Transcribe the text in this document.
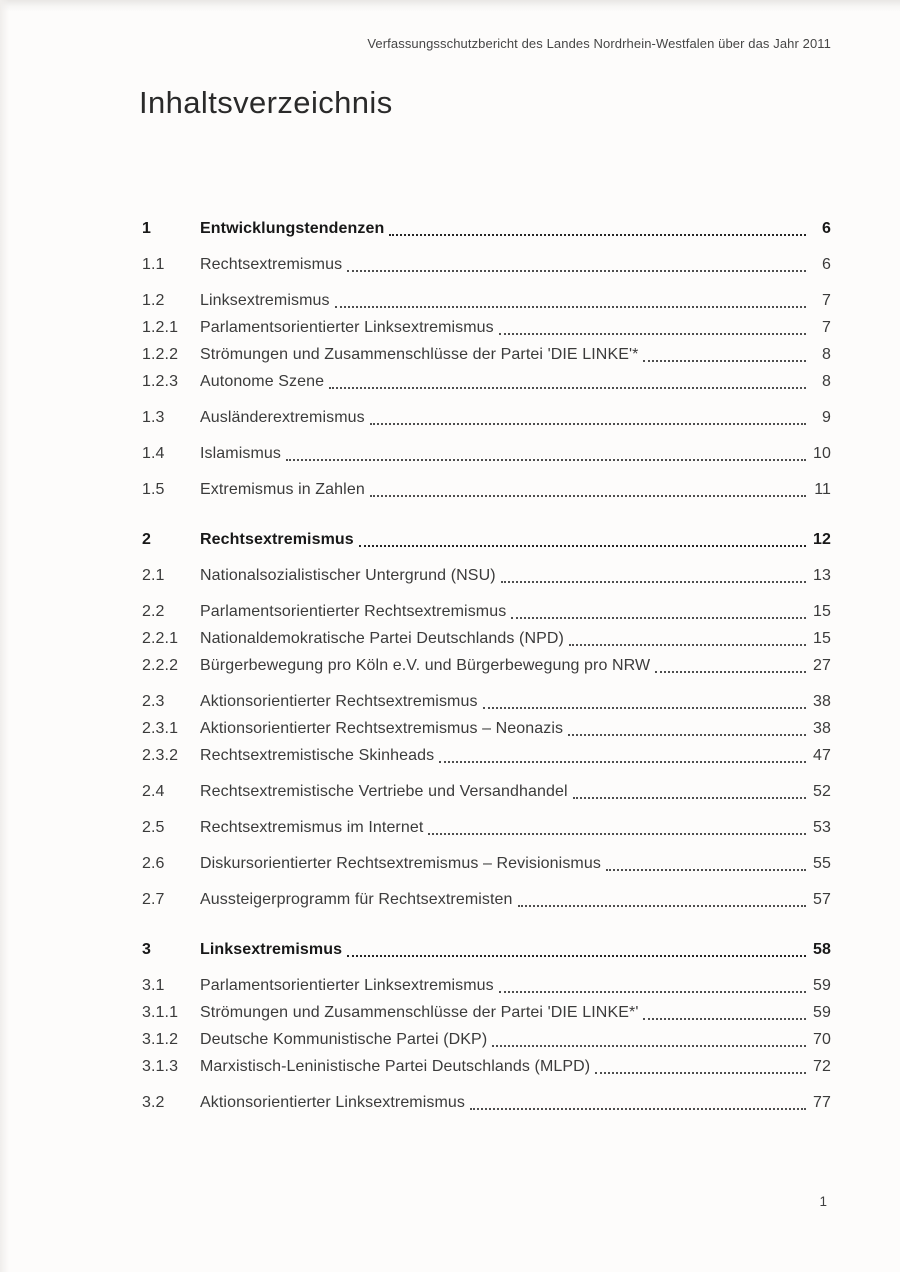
Verfassungsschutzbericht des Landes Nordrhein-Westfalen über das Jahr 2011
Inhaltsverzeichnis
1	Entwicklungstendenzen	6
1.1	Rechtsextremismus	6
1.2	Linksextremismus	7
1.2.1	Parlamentsorientierter Linksextremismus	7
1.2.2	Strömungen und Zusammenschlüsse der Partei 'DIE LINKE'*	8
1.2.3	Autonome Szene	8
1.3	Ausländerextremismus	9
1.4	Islamismus	10
1.5	Extremismus in Zahlen	11
2	Rechtsextremismus	12
2.1	Nationalsozialistischer Untergrund (NSU)	13
2.2	Parlamentsorientierter Rechtsextremismus	15
2.2.1	Nationaldemokratische Partei Deutschlands (NPD)	15
2.2.2	Bürgerbewegung pro Köln e.V. und Bürgerbewegung pro NRW	27
2.3	Aktionsorientierter Rechtsextremismus	38
2.3.1	Aktionsorientierter Rechtsextremismus – Neonazis	38
2.3.2	Rechtsextremistische Skinheads	47
2.4	Rechtsextremistische Vertriebe und Versandhandel	52
2.5	Rechtsextremismus im Internet	53
2.6	Diskursorientierter Rechtsextremismus – Revisionismus	55
2.7	Aussteigerprogramm für Rechtsextremisten	57
3	Linksextremismus	58
3.1	Parlamentsorientierter Linksextremismus	59
3.1.1	Strömungen und Zusammenschlüsse der Partei 'DIE LINKE*'	59
3.1.2	Deutsche Kommunistische Partei (DKP)	70
3.1.3	Marxistisch-Leninistische Partei Deutschlands (MLPD)	72
3.2	Aktionsorientierter Linksextremismus	77
1
